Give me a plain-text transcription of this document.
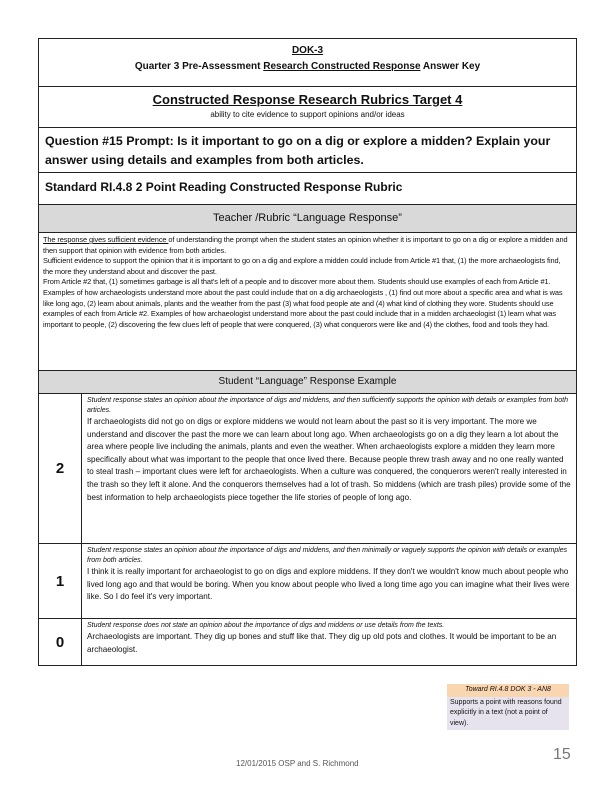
DOK-3
Quarter 3 Pre-Assessment Research Constructed Response Answer Key
Constructed Response Research Rubrics Target 4
ability to cite evidence to support opinions and/or ideas
Question #15 Prompt: Is it important to go on a dig or explore a midden? Explain your answer using details and examples from both articles.
Standard RI.4.8 2 Point Reading Constructed Response Rubric
Teacher /Rubric “Language Response”
The response gives sufficient evidence of understanding the prompt when the student states an opinion whether it is important to go on a dig or explore a midden and then support that opinion with evidence from both articles.
Sufficient evidence to support the opinion that it is important to go on a dig and explore a midden could include from Article #1 that, (1) the more archaeologists find, the more they understand about and discover the past.
From Article #2 that, (1) sometimes garbage is all that's left of a people and to discover more about them. Students should use examples of each from Article #1. Examples of how archaeologists understand more about the past could include that on a dig archaeologists , (1) find out more about a specific area and what is was like long ago, (2) learn about animals, plants and the weather from the past (3) what food people ate and (4) what kind of clothing they wore. Students should use examples of each from Article #2. Examples of how archaeologist understand more about the past could include that in a midden archaeologist (1) learn what was important to people, (2) discovering the few clues left of people that were conquered, (3) what conquerors were like and (4) the clothes, food and tools they had.
Student “Language” Response Example
2
Student response states an opinion about the importance of digs and middens, and then sufficiently supports the opinion with details or examples from both articles.
If archaeologists did not go on digs or explore middens we would not learn about the past so it is very important. The more we understand and discover the past the more we can learn about long ago. When archaeologists go on a dig they learn a lot about the area where people live including the animals, plants and even the weather. When archaeologists explore a midden they learn more specifically about what was important to the people that once lived there. Because people threw trash away and no one really wanted to steal trash – important clues were left for archaeologists. When a culture was conquered, the conquerors weren't really interested in the trash so they left it alone. And the conquerors themselves had a lot of trash. So middens (which are trash piles) provide some of the best information to help archaeologists piece together the life stories of people of long ago.
1
Student response states an opinion about the importance of digs and middens, and then minimally or vaguely supports the opinion with details or examples from both articles.
I think it is really important for archaeologist to go on digs and explore middens. If they don't we wouldn't know much about people who lived long ago and that would be boring. When you know about people who lived a long time ago you can imagine what their lives were like. So I do feel it's very important.
0
Student response does not state an opinion about the importance of digs and middens or use details from the texts.
Archaeologists are important. They dig up bones and stuff like that. They dig up old pots and clothes. It would be important to be an archaeologist.
Toward RI.4.8 DOK 3 - AN8
Supports a point with reasons found explicitly in a text (not a point of view).
12/01/2015 OSP and S. Richmond
15
